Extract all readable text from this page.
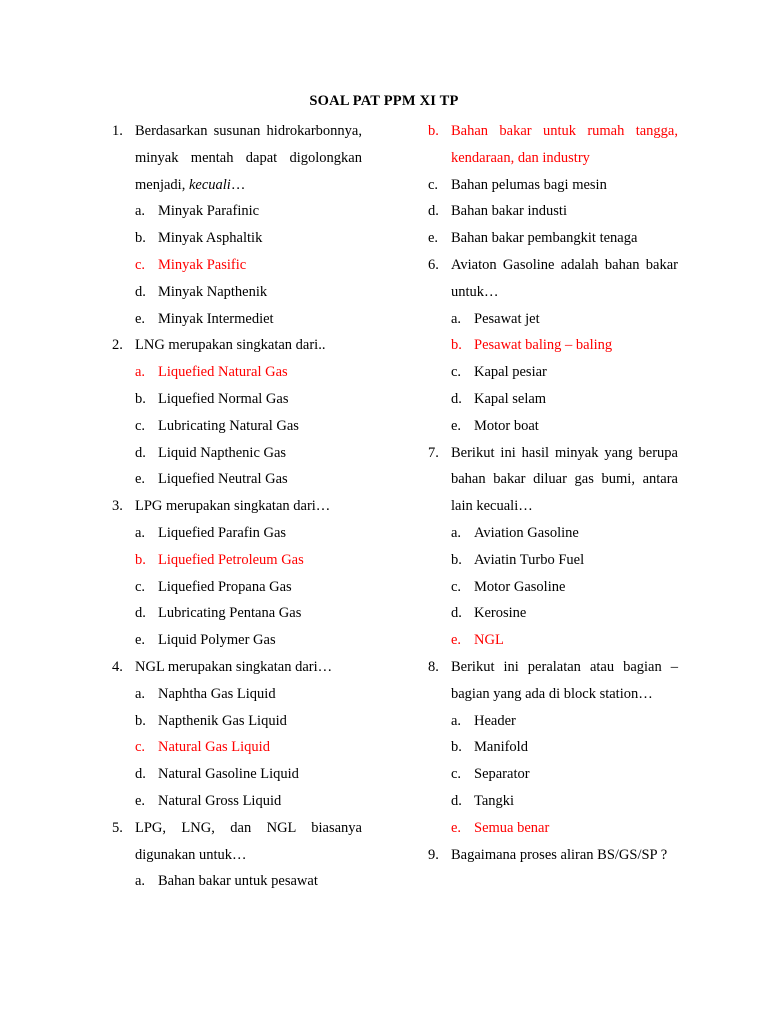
SOAL PAT PPM XI TP
1. Berdasarkan susunan hidrokarbonnya, minyak mentah dapat digolongkan menjadi, kecuali…
a. Minyak Parafinic
b. Minyak Asphaltik
c. Minyak Pasific
d. Minyak Napthenik
e. Minyak Intermediet
2. LNG merupakan singkatan dari..
a. Liquefied Natural Gas
b. Liquefied Normal Gas
c. Lubricating Natural Gas
d. Liquid Napthenic Gas
e. Liquefied Neutral Gas
3. LPG merupakan singkatan dari…
a. Liquefied Parafin Gas
b. Liquefied Petroleum Gas
c. Liquefied Propana Gas
d. Lubricating Pentana Gas
e. Liquid Polymer Gas
4. NGL merupakan singkatan dari…
a. Naphtha Gas Liquid
b. Napthenik Gas Liquid
c. Natural Gas Liquid
d. Natural Gasoline Liquid
e. Natural Gross Liquid
5. LPG, LNG, dan NGL biasanya digunakan untuk…
a. Bahan bakar untuk pesawat
b. Bahan bakar untuk rumah tangga, kendaraan, dan industry
c. Bahan pelumas bagi mesin
d. Bahan bakar industi
e. Bahan bakar pembangkit tenaga
6. Aviaton Gasoline adalah bahan bakar untuk…
a. Pesawat jet
b. Pesawat baling – baling
c. Kapal pesiar
d. Kapal selam
e. Motor boat
7. Berikut ini hasil minyak yang berupa bahan bakar diluar gas bumi, antara lain kecuali…
a. Aviation Gasoline
b. Aviatin Turbo Fuel
c. Motor Gasoline
d. Kerosine
e. NGL
8. Berikut ini peralatan atau bagian – bagian yang ada di block station…
a. Header
b. Manifold
c. Separator
d. Tangki
e. Semua benar
9. Bagaimana proses aliran BS/GS/SP ?
